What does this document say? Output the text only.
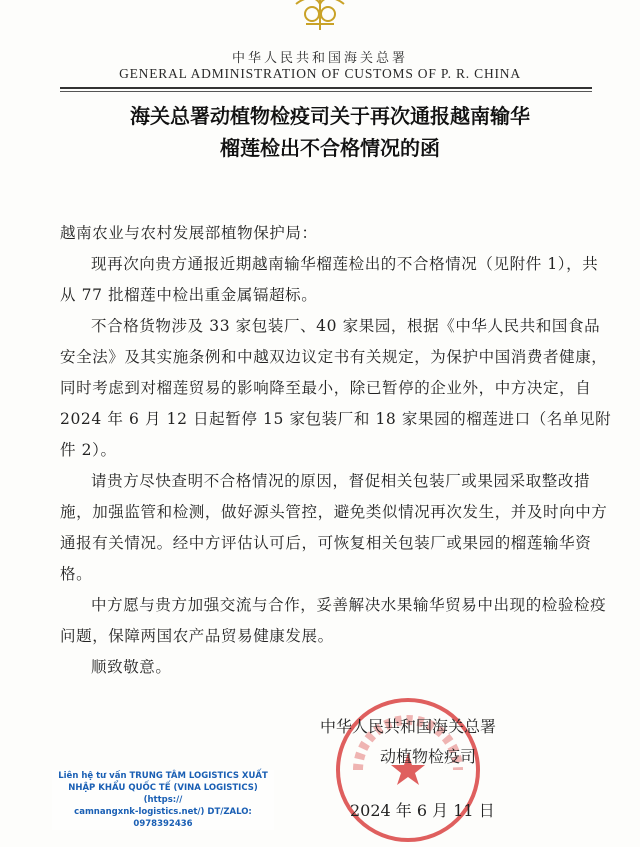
中华人民共和国海关总署
GENERAL ADMINISTRATION OF CUSTOMS OF P. R. CHINA
海关总署动植物检疫司关于再次通报越南输华
榴莲检出不合格情况的函

越南农业与农村发展部植物保护局：

现再次向贵方通报近期越南输华榴莲检出的不合格情况（见附件 1），共从 77 批榴莲中检出重金属镉超标。

不合格货物涉及 33 家包装厂、40 家果园，根据《中华人民共和国食品安全法》及其实施条例和中越双边议定书有关规定，为保护中国消费者健康，同时考虑到对榴莲贸易的影响降至最小，除已暂停的企业外，中方决定，自 2024 年 6 月 12 日起暂停 15 家包装厂和 18 家果园的榴莲进口（名单见附件 2）。

请贵方尽快查明不合格情况的原因，督促相关包装厂或果园采取整改措施，加强监管和检测，做好源头管控，避免类似情况再次发生，并及时向中方通报有关情况。经中方评估认可后，可恢复相关包装厂或果园的榴莲输华资格。

中方愿与贵方加强交流与合作，妥善解决水果输华贸易中出现的检验检疫问题，保障两国农产品贸易健康发展。

顺致敬意。

中华人民共和国海关总署
动植物检疫司
2024 年 6 月 11 日
Liên hệ tư vấn TRUNG TÂM LOGISTICS XUẤT
NHẬP KHẨU QUỐC TẾ (VINA LOGISTICS) (https://
camnangxnk-logistics.net/) DT/ZALO: 0978392436
